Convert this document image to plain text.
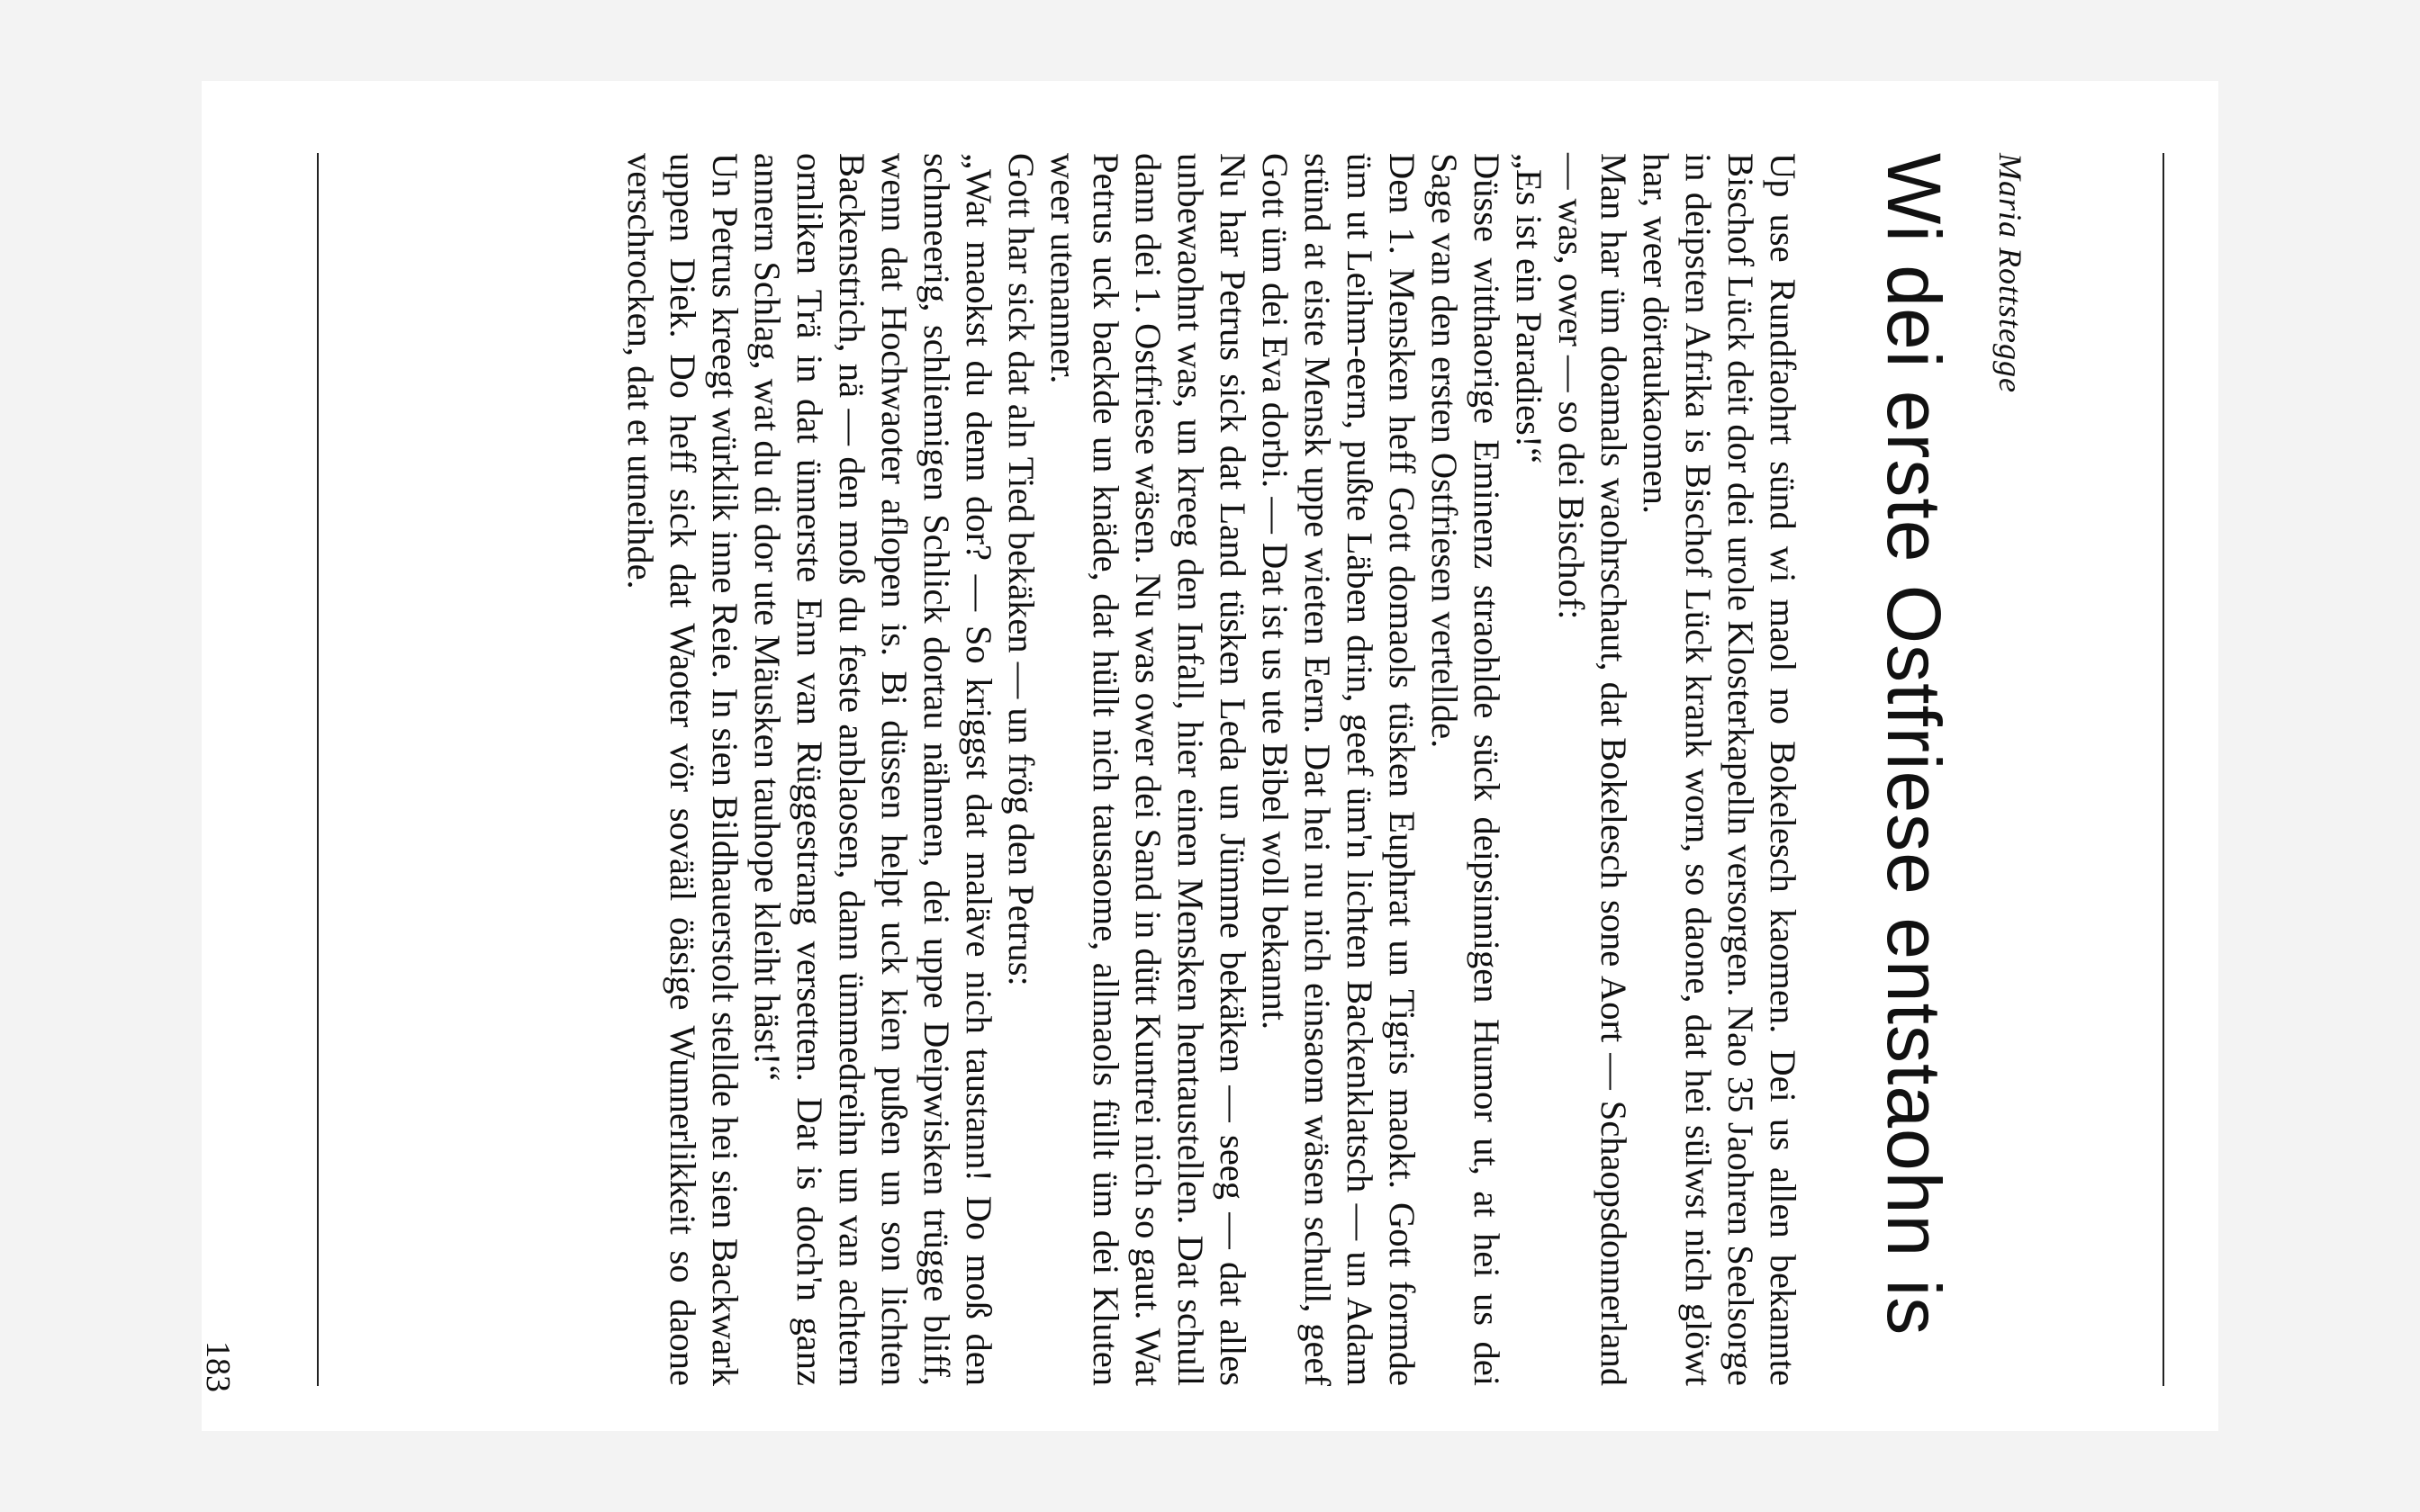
Maria Rottstegge
Wi dei erste Ostfriese entstaohn is

Up use Rundfaohrt sünd wi maol no Bokelesch kaomen. Dei us allen bekannte Bischof Lück deit dor dei urole Klosterkapelln versorgen. Nao 35 Jaohren Seelsorge in deipsten Afrika is Bischof Lück krank worn, so daone, dat hei sülwst nich glöwt har, weer dörtaukaomen.

Man har üm doamals waohrschaut, dat Bokelesch sone Aort — Schaopsdonnerland — was, ower — so dei Bischof:

„Es ist ein Paradies!“

Düsse witthaorige Eminenz straohlde sück deipsinnigen Humor ut, at hei us dei Sage van den ersten Ostfriesen vertellde.

Den 1. Mensken heff Gott domaols tüsken Euphrat un Tigris maokt. Gott formde üm ut Leihm-eern, pußte Läben drin, geef üm'n lichten Backenklatsch — un Adam stünd at eiste Mensk uppe wieten Eern. Dat hei nu nich einsaom wäsen schull, geef Gott üm dei Eva dorbi. — Dat ist us ute Bibel woll bekannt.

Nu har Petrus sick dat Land tüsken Leda un Jümme bekäken — seeg — dat alles unbewaohnt was, un kreeg den Infall, hier einen Mensken hentaustellen. Dat schull dann dei 1. Ostfriese wäsen. Nu was ower dei Sand in dütt Kuntrei nich so gaut. Wat Petrus uck backde un knäde, dat hüllt nich tausaome, allmaols füllt üm dei Kluten weer utenanner.

Gott har sick dat aln Tied bekäken — un frög den Petrus:

„Wat maokst du denn dor? — So kriggst dat maläve nich taustann! Do moß den schmeerig, schliemigen Schlick dortau nähmen, dei uppe Deipwisken trügge bliff, wenn dat Hochwaoter aflopen is. Bi düssen helpt uck kien pußen un son lichten Backenstrich, nä — den moß du feste anblaosen, dann ümmedreihn un van achtern ornliken Trä in dat ünnerste Enn van Rüggestrang versetten. Dat is doch'n ganz annern Schlag, wat du di dor ute Mäusken tauhope kleiht häst!“

Un Petrus kreegt würklik inne Reie. In sien Bildhauerstolt stellde hei sien Backwark uppen Diek. Do heff sick dat Waoter vör sovääl öäsige Wunnerlikkeit so daone verschrocken, dat et utneihde.

183
